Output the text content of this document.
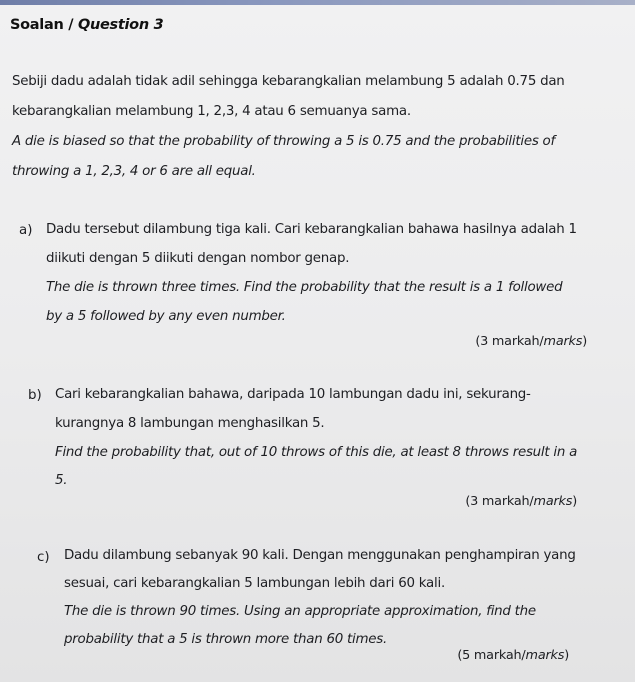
Soalan / Question 3
Sebiji dadu adalah tidak adil sehingga kebarangkalian melambung 5 adalah 0.75 dan
kebarangkalian melambung 1, 2,3, 4 atau 6 semuanya sama.
A die is biased so that the probability of throwing a 5 is 0.75 and the probabilities of
throwing a 1, 2,3, 4 or 6 are all equal.
a) Dadu tersebut dilambung tiga kali. Cari kebarangkalian bahawa hasilnya adalah 1
diikuti dengan 5 diikuti dengan nombor genap.
The die is thrown three times. Find the probability that the result is a 1 followed
by a 5 followed by any even number.
(3 markah/marks)
b) Cari kebarangkalian bahawa, daripada 10 lambungan dadu ini, sekurang-
kurangnya 8 lambungan menghasilkan 5.
Find the probability that, out of 10 throws of this die, at least 8 throws result in a
5.
(3 markah/marks)
c) Dadu dilambung sebanyak 90 kali. Dengan menggunakan penghampiran yang
sesuai, cari kebarangkalian 5 lambungan lebih dari 60 kali.
The die is thrown 90 times. Using an appropriate approximation, find the
probability that a 5 is thrown more than 60 times.
(5 markah/marks)
